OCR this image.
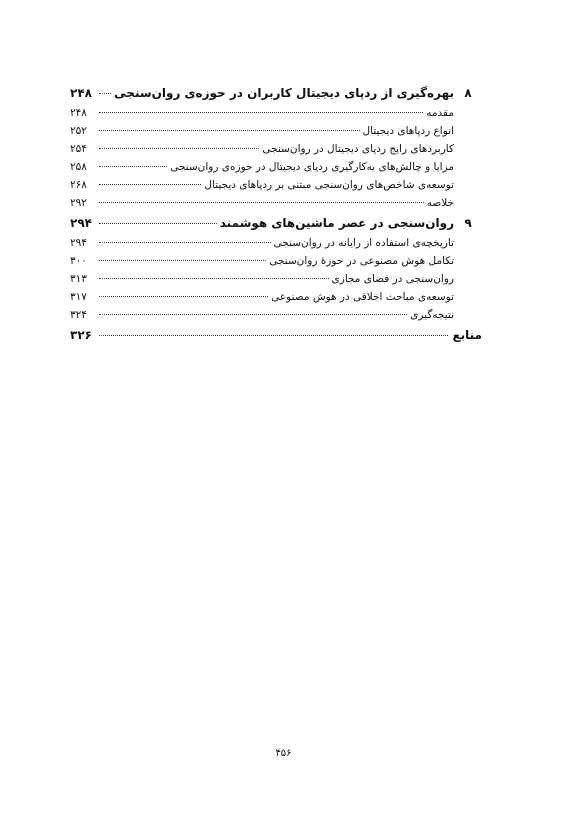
۸
بهره‌گیری از ردپای دیجیتال کاربران در حوزه‌ی روان‌سنجی
۲۴۸
مقدمه
۲۴۸
انواع ردپاهای دیجیتال
۲۵۲
کاربردهای رایج ردپای دیجیتال در روان‌سنجی
۲۵۴
مزایا و چالش‌های به‌کارگیری ردپای دیجیتال در حوزه‌ی روان‌سنجی
۲۵۸
توسعه‌ی شاخص‌های روان‌سنجی مبتنی بر ردپاهای دیجیتال
۲۶۸
خلاصه
۲۹۲
۹
روان‌سنجی در عصر ماشین‌های هوشمند
۲۹۴
تاریخچه‌ی استفاده از رایانه در روان‌سنجی
۲۹۴
تکامل هوش مصنوعی در حوزهٔ روان‌سنجی
۳۰۰
روان‌سنجی در فضای مجازی
۳۱۳
توسعه‌ی مباحث اخلاقی در هوش مصنوعی
۳۱۷
نتیجه‌گیری
۳۲۴
منابع
۳۲۶
۴۵۶
